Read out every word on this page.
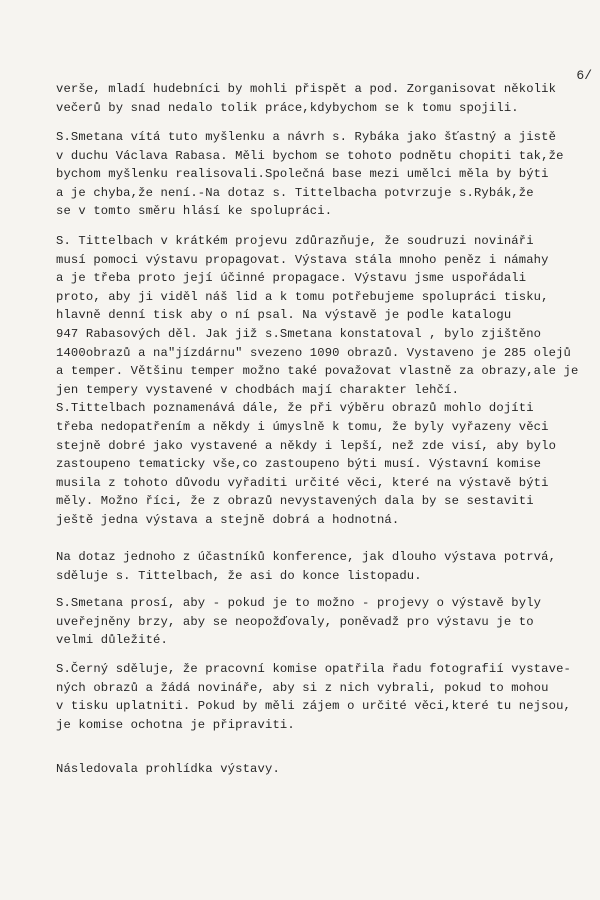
6/
verše, mladí hudebníci by mohli přispět a pod. Zorganisovat několik
večerů by snad nedalo tolik práce,kdybychom se k tomu spojili.
S.Smetana vítá tuto myšlenku a návrh s. Rybáka jako šťastný a jistě
v duchu Václava Rabasa. Měli bychom se tohoto podnětu chopiti tak,že
bychom myšlenku realisovali.Společná base mezi umělci měla by býti
a je chyba,že není.-Na dotaz s. Tittelbacha potvrzuje s.Rybák,že
se v tomto směru hlásí ke spolupráci.
S. Tittelbach v krátkém projevu zdůrazňuje, že soudruzi novináři
musí pomoci výstavu propagovat. Výstava stála mnoho peněz i námahy
a je třeba proto její účinné propagace. Výstavu jsme uspořádali
proto, aby ji viděl náš lid a k tomu potřebujeme spolupráci tisku,
hlavně denní tisk aby o ní psal. Na výstavě je podle katalogu
947 Rabasových děl. Jak již s.Smetana konstatoval , bylo zjištěno
1400obrazů a na"jízdárnu" svezeno 1090 obrazů. Vystaveno je 285 olejů
a temper. Většinu temper možno také považovat vlastně za obrazy,ale je
jen tempery vystavené v chodbách mají charakter lehčí.
S.Tittelbach poznamenává dále, že při výběru obrazů mohlo dojíti
třeba nedopatřením a někdy i úmyslně k tomu, že byly vyřazeny věci
stejně dobré jako vystavené a někdy i lepší, než zde visí, aby bylo
zastoupeno tematicky vše,co zastoupeno býti musí. Výstavní komise
musila z tohoto důvodu vyřaditi určité věci, které na výstavě býti
měly. Možno říci, že z obrazů nevystavených dala by se sestaviti
ještě jedna výstava a stejně dobrá a hodnotná.
Na dotaz jednoho z účastníků konference, jak dlouho výstava potrvá,
sděluje s. Tittelbach, že asi do konce listopadu.
S.Smetana prosí, aby - pokud je to možno - projevy o výstavě byly
uveřejněny brzy, aby se neopožďovaly, poněvadž pro výstavu je to
velmi důležité.
S.Černý sděluje, že pracovní komise opatřila řadu fotografií vystave-
ných obrazů a žádá novináře, aby si z nich vybrali, pokud to mohou
v tisku uplatniti. Pokud by měli zájem o určité věci,které tu nejsou,
je komise ochotna je připraviti.
Následovala prohlídka výstavy.
